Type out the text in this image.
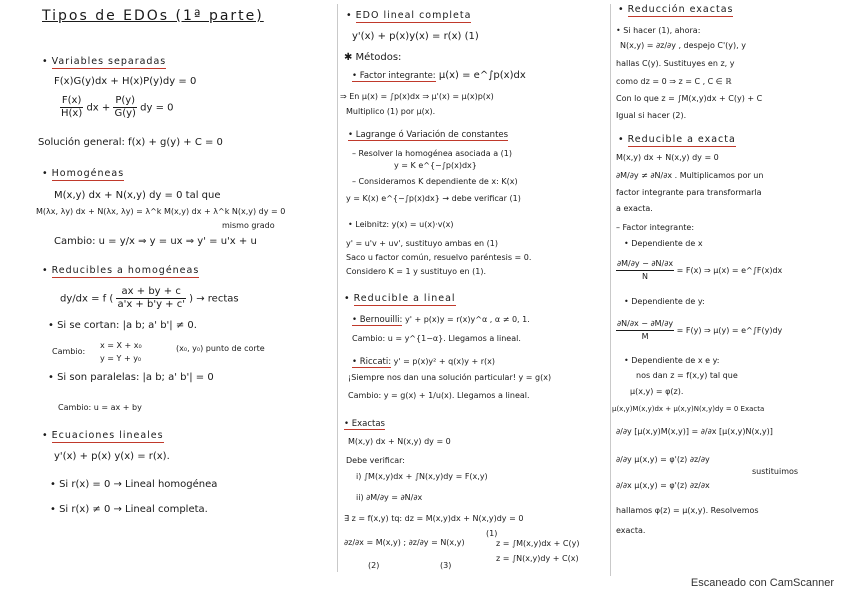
Tipos de EDOs (1ª parte)
• Variables separadas
F(x)G(y)dx + H(x)P(y)dy = 0
$\frac{F(x)}{H(x)}$ dx + $\frac{P(y)}{G(y)}$ dy = 0
Solución general: f(x) + g(y) + C = 0
• Homogéneas
M(x,y) dx + N(x,y) dy = 0 tal que
M(λx, λy) dx + N(λx, λy) = λ^k M(x,y) dx + λ^k N(x,y) dy = 0
mismo grado
Cambio: u = y/x ⇒ y = ux ⇒ y' = u'x + u
• Reducibles a homogéneas
dy/dx = f ( $\frac{ax + by + c}{a'x + b'y + c'}$ ) → rectas
• Si se cortan: |a b; a' b'| ≠ 0.
Cambio:
x = X + x₀
y = Y + y₀
(x₀, y₀) punto de corte
• Si son paralelas: |a b; a' b'| = 0
Cambio: u = ax + by
• Ecuaciones lineales
y'(x) + p(x) y(x) = r(x).
• Si r(x) = 0 → Lineal homogénea
• Si r(x) ≠ 0 → Lineal completa.
• EDO lineal completa
y'(x) + p(x)y(x) = r(x) (1)
✱ Métodos:
• Factor integrante: μ(x) = e^∫p(x)dx
⇒ En μ(x) = ∫p(x)dx ⇒ μ'(x) = μ(x)p(x)
Multiplico (1) por μ(x).
• Lagrange ó Variación de constantes
– Resolver la homogénea asociada a (1)
y = K e^{−∫p(x)dx}
– Consideramos K dependiente de x: K(x)
y = K(x) e^{−∫p(x)dx} → debe verificar (1)
• Leibnitz: y(x) = u(x)·v(x)
y' = u'v + uv', sustituyo ambas en (1)
Saco u factor común, resuelvo paréntesis = 0.
Considero K = 1 y sustituyo en (1).
• Reducible a lineal
• Bernouilli: y' + p(x)y = r(x)y^α , α ≠ 0, 1.
Cambio: u = y^{1−α}. Llegamos a lineal.
• Riccati: y' = p(x)y² + q(x)y + r(x)
¡Siempre nos dan una solución particular! y = g(x)
Cambio: y = g(x) + 1/u(x). Llegamos a lineal.
• Exactas
M(x,y) dx + N(x,y) dy = 0
Debe verificar:
i) ∫M(x,y)dx + ∫N(x,y)dy = F(x,y)
ii) ∂M/∂y = ∂N/∂x
∃ z = f(x,y) tq: dz = M(x,y)dx + N(x,y)dy = 0
∂z/∂x = M(x,y) ; ∂z/∂y = N(x,y)
(1)
z = ∫M(x,y)dx + C(y)
z = ∫N(x,y)dy + C(x)
(2)	(3)
• Reducción exactas
• Si hacer (1), ahora:
N(x,y) = ∂z/∂y , despejo C'(y), y
hallas C(y). Sustituyes en z, y
como dz = 0 ⇒ z = C , C ∈ ℝ
Con lo que z = ∫M(x,y)dx + C(y) + C
Igual si hacer (2).
• Reducible a exacta
M(x,y) dx + N(x,y) dy = 0
∂M/∂y ≠ ∂N/∂x . Multiplicamos por un
factor integrante para transformarla
a exacta.
– Factor integrante:
• Dependiente de x
$\frac{\partial M/\partial y - \partial N/\partial x}{N} = F(x)$ ⇒ μ(x) = e^∫F(x)dx
• Dependiente de y:
$\frac{\partial N/\partial x - \partial M/\partial y}{M} = F(y)$ ⇒ μ(y) = e^∫F(y)dy
• Dependiente de x e y:
nos dan z = f(x,y) tal que
μ(x,y) = φ(z).
μ(x,y)M(x,y)dx + μ(x,y)N(x,y)dy = 0 Exacta
∂/∂y [μ(x,y)M(x,y)] = ∂/∂x [μ(x,y)N(x,y)]
∂/∂y μ(x,y) = φ'(z) ∂z/∂y
∂/∂x μ(x,y) = φ'(z) ∂z/∂x
sustituimos
hallamos φ(z) = μ(x,y). Resolvemos
exacta.
Escaneado con CamScanner
